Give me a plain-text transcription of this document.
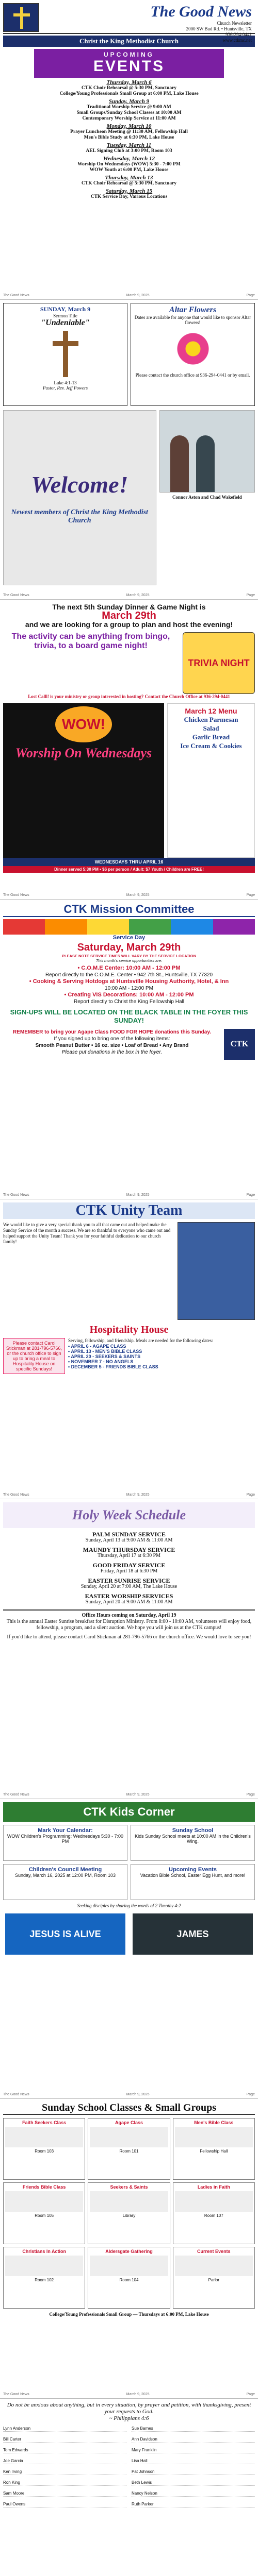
The Good News
Church Newsletter
2000 SW Bud Rd. • Huntsville, TX
936-294-0441
www.ctkmc.net
Christ the King Methodist Church
UPCOMING
EVENTS
Thursday, March 6
CTK Choir Rehearsal @ 5:30 PM, Sanctuary
College/Young Professionals Small Group at 6:00 PM, Lake House
Sunday, March 9
Traditional Worship Service @ 9:00 AM
Small Groups/Sunday School Classes at 10:00 AM
Contemporary Worship Service at 11:00 AM
Monday, March 10
Prayer Luncheon Meeting @ 11:30 AM, Fellowship Hall
Men's Bible Study at 6:30 PM, Lake House
Tuesday, March 11
AEL Signing Club at 3:00 PM, Room 103
Wednesday, March 12
Worship On Wednesdays (WOW) 5:30 - 7:00 PM
WOW Youth at 6:00 PM, Lake House
Thursday, March 13
CTK Choir Rehearsal @ 5:30 PM, Sanctuary
Saturday, March 15
CTK Service Day, Various Locations
The Good News	March 9, 2025	Page
SUNDAY, March 9
Sermon Title
"Undeniable"
Luke 4:1-13
Pastor, Rev. Jeff Powers
Altar Flowers
Dates are available for anyone that would like to sponsor Altar flowers!
Please contact the church office at 936-294-0441 or by email.
Welcome!
Newest members of Christ the King Methodist Church
Connor Aston and Chad Wakefield
The Good News	March 9, 2025	Page
The next 5th Sunday Dinner & Game Night is
March 29th
and we are looking for a group to plan and host the evening!
The activity can be anything from bingo, trivia, to a board game night!
TRIVIA NIGHT
Lost Calll! is your ministry or group interested in hosting? Contact the Church Office at 936-294-0441
WOW!
Worship On Wednesdays
March 12 Menu
Chicken Parmesan
Salad
Garlic Bread
Ice Cream & Cookies
WEDNESDAYS THRU APRIL 16
Dinner served 5:30 PM • $6 per person / Adult: $7 Youth / Children are FREE!
The Good News	March 9, 2025	Page
CTK Mission Committee
Service Day
Saturday, March 29th
PLEASE NOTE SERVICE TIMES WILL VARY BY THE SERVICE LOCATION
This month's service opportunities are:
• C.O.M.E Center: 10:00 AM - 12:00 PM
Report directly to the C.O.M.E. Center • 942 7th St., Huntsville, TX 77320
• Cooking & Serving Hotdogs at Huntsville Housing Authority, Hotel, & Inn
10:00 AM - 12:00 PM
• Creating VIS Decorations: 10:00 AM - 12:00 PM
Report directly to Christ the King Fellowship Hall
SIGN-UPS WILL BE LOCATED ON THE BLACK TABLE IN THE FOYER THIS SUNDAY!
REMEMBER to bring your Agape Class FOOD FOR HOPE donations this Sunday.
If you signed up to bring one of the following items:
Smooth Peanut Butter • 16 oz. size • Loaf of Bread • Any Brand
Please put donations in the box in the foyer.
CTK
The Good News	March 9, 2025	Page
CTK Unity Team
We would like to give a very special thank you to all that came out and helped make the Sunday Service of the month a success. We are so thankful to everyone who came out and helped support the Unity Team! Thank you for your faithful dedication to our church family!
Hospitality House
Please contact Carol Stickman at 281-796-5766, or the church office to sign up to bring a meal to Hospitality House on specific Sundays!
Serving, fellowship, and friendship. Meals are needed for the following dates:
• APRIL 6 - AGAPE CLASS
• APRIL 13 - MEN'S BIBLE CLASS
• APRIL 20 - SEEKERS & SAINTS
• NOVEMBER 7 - NO ANGELS
• DECEMBER 5 - FRIENDS BIBLE CLASS
The Good News	March 9, 2025	Page
Holy Week Schedule
PALM SUNDAY SERVICE
Sunday, April 13 at 9:00 AM & 11:00 AM
MAUNDY THURSDAY SERVICE
Thursday, April 17 at 6:30 PM
GOOD FRIDAY SERVICE
Friday, April 18 at 6:30 PM
EASTER SUNRISE SERVICE
Sunday, April 20 at 7:00 AM, The Lake House
EASTER WORSHIP SERVICES
Sunday, April 20 at 9:00 AM & 11:00 AM
Office Hours coming on Saturday, April 19
This is the annual Easter Sunrise breakfast for Disruption Ministry. From 8:00 - 10:00 AM, volunteers will enjoy food, fellowship, a program, and a silent auction. We hope you will join us at the CTK campus!
If you'd like to attend, please contact Carol Stickman at 281-796-5766 or the church office. We would love to see you!
The Good News	March 9, 2025	Page
CTK Kids Corner
Mark Your Calendar:
WOW Children's Programming: Wednesdays 5:30 - 7:00 PM
Sunday School
Kids Sunday School meets at 10:00 AM in the Children's Wing.
Children's Council Meeting
Sunday, March 16, 2025 at 12:00 PM, Room 103
Upcoming Events
Vacation Bible School, Easter Egg Hunt, and more!
Seeking disciples by sharing the words of 2 Timothy 4:2
JESUS IS ALIVE	JAMES
The Good News	March 9, 2025	Page
Sunday School Classes & Small Groups
Faith Seekers Class
Room 103
Agape Class
Room 101
Men's Bible Class
Fellowship Hall
Friends Bible Class
Room 105
Seekers & Saints
Library
Ladies in Faith
Room 107
Christians In Action
Room 102
Aldersgate Gathering
Room 104
Current Events
Parlor
College/Young Professionals Small Group — Thursdays at 6:00 PM, Lake House
The Good News	March 9, 2025	Page
Do not be anxious about anything, but in every situation, by prayer and petition, with thanksgiving, present your requests to God.
~ Philippians 4:6
Lynn Anderson	Sue Barnes
Bill Carter	Ann Davidson
Tom Edwards	Mary Franklin
Joe Garcia	Lisa Hall
Ken Irving	Pat Johnson
Ron King	Beth Lewis
Sam Moore	Nancy Nelson
Paul Owens	Ruth Parker
